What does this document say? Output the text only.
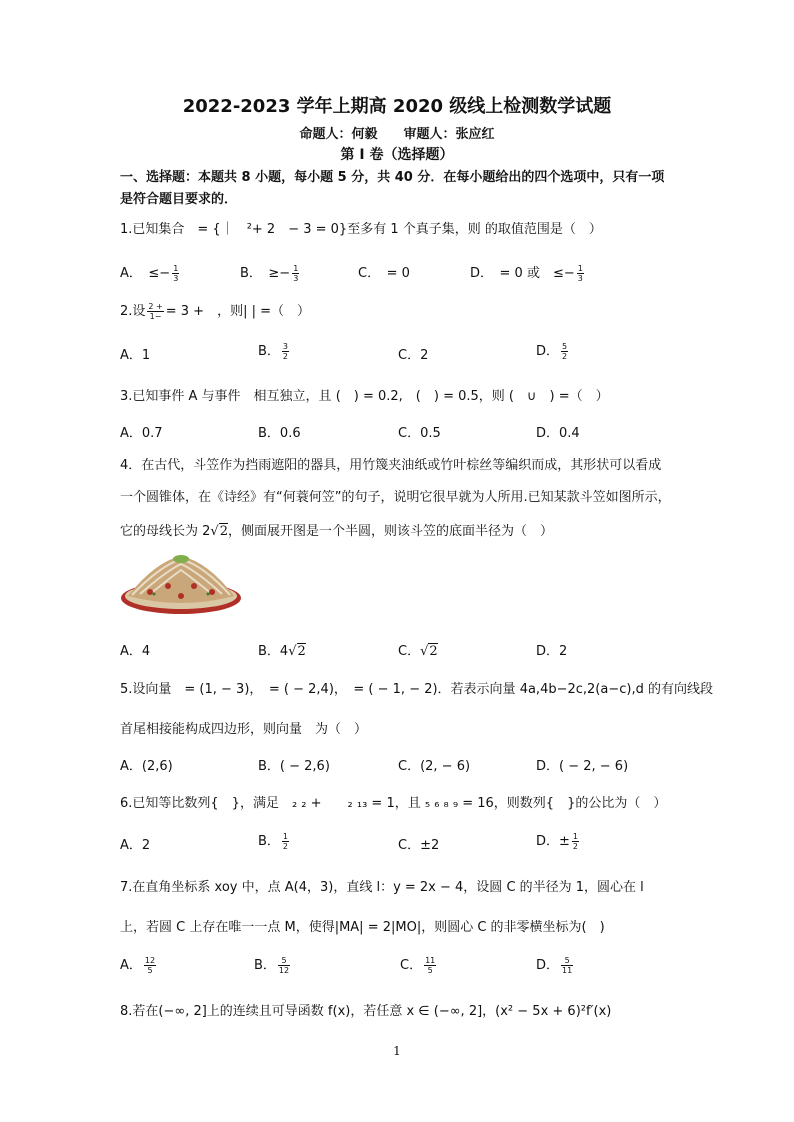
2022-2023 学年上期高 2020 级线上检测数学试题
命题人：何毅　　审题人：张应红
第 I 卷（选择题）
一、选择题：本题共 8 小题，每小题 5 分，共 40 分．在每小题给出的四个选项中，只有一项
是符合题目要求的．
1.已知集合　= {｜　²+ 2　− 3 = 0}至多有 1 个真子集，则 的取值范围是（　）
A．　≤− $\frac{1}{3}$	B．　≥− $\frac{1}{3}$	C．　= 0	D．　= 0 或　≤− $\frac{1}{3}$
2.设 $\frac{2 +}{1-} = 3$ +　，则| | =（　）
A．1	B． $\frac{3}{2}$	C．2	D． $\frac{5}{2}$
3.已知事件 A 与事件　相互独立，且 (　) = 0.2,　(　) = 0.5，则 (　∪　) =（　）
A．0.7	B．0.6	C．0.5	D．0.4
4．在古代，斗笠作为挡雨遮阳的器具，用竹篾夹油纸或竹叶棕丝等编织而成，其形状可以看成
一个圆锥体，在《诗经》有“何蓑何笠”的句子，说明它很早就为人所用.已知某款斗笠如图所示，
它的母线长为 2√2，侧面展开图是一个半圆，则该斗笠的底面半径为（　）
A．4	B．4√2	C．√2	D．2
5.设向量　= (1, − 3)，　= ( − 2,4)，　= ( − 1, − 2)．若表示向量 4a,4b−2c,2(a−c),d 的有向线段
首尾相接能构成四边形，则向量　为（　）
A．(2,6)	B．( − 2,6)	C．(2, − 6)	D．( − 2, − 6)
6.已知等比数列{　}，满足　₂ ₂ +　　₂ ₁₃ = 1，且 ₅ ₆ ₈ ₉ = 16，则数列{　}的公比为（　）
A．2	B． $\frac{1}{2}$	C．±2	D．± $\frac{1}{2}$
7.在直角坐标系 xoy 中，点 A(4，3)，直线 l：y = 2x − 4，设圆 C 的半径为 1，圆心在 l
上，若圆 C 上存在唯一一点 M，使得|MA| = 2|MO|，则圆心 C 的非零横坐标为(　)
A． $\frac{12}{5}$	B． $\frac{5}{12}$	C． $\frac{11}{5}$	D． $\frac{5}{11}$
8.若在(−∞, 2]上的连续且可导函数 f(x)，若任意 x ∈ (−∞, 2]，(x² − 5x + 6)²f′(x)
1
